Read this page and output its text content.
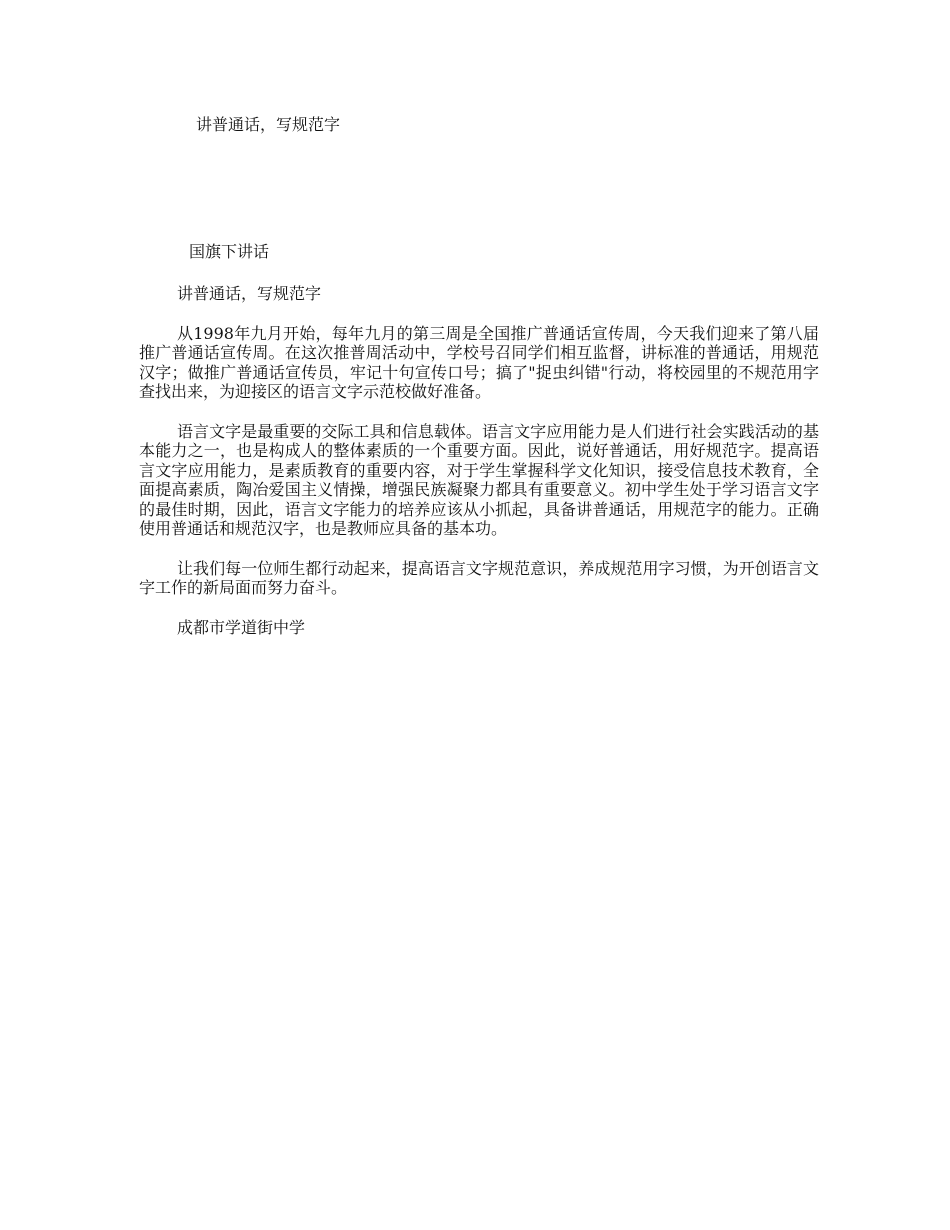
讲普通话，写规范字
国旗下讲话

讲普通话，写规范字

从1998年九月开始，每年九月的第三周是全国推广普通话宣传周，今天我们迎来了第八届推广普通话宣传周。在这次推普周活动中，学校号召同学们相互监督，讲标准的普通话，用规范汉字；做推广普通话宣传员，牢记十句宣传口号；搞了"捉虫纠错"行动，将校园里的不规范用字查找出来，为迎接区的语言文字示范校做好准备。

语言文字是最重要的交际工具和信息载体。语言文字应用能力是人们进行社会实践活动的基本能力之一，也是构成人的整体素质的一个重要方面。因此，说好普通话，用好规范字。提高语言文字应用能力，是素质教育的重要内容，对于学生掌握科学文化知识，接受信息技术教育，全面提高素质，陶冶爱国主义情操，增强民族凝聚力都具有重要意义。初中学生处于学习语言文字的最佳时期，因此，语言文字能力的培养应该从小抓起，具备讲普通话，用规范字的能力。正确使用普通话和规范汉字，也是教师应具备的基本功。

让我们每一位师生都行动起来，提高语言文字规范意识，养成规范用字习惯，为开创语言文字工作的新局面而努力奋斗。

成都市学道街中学
